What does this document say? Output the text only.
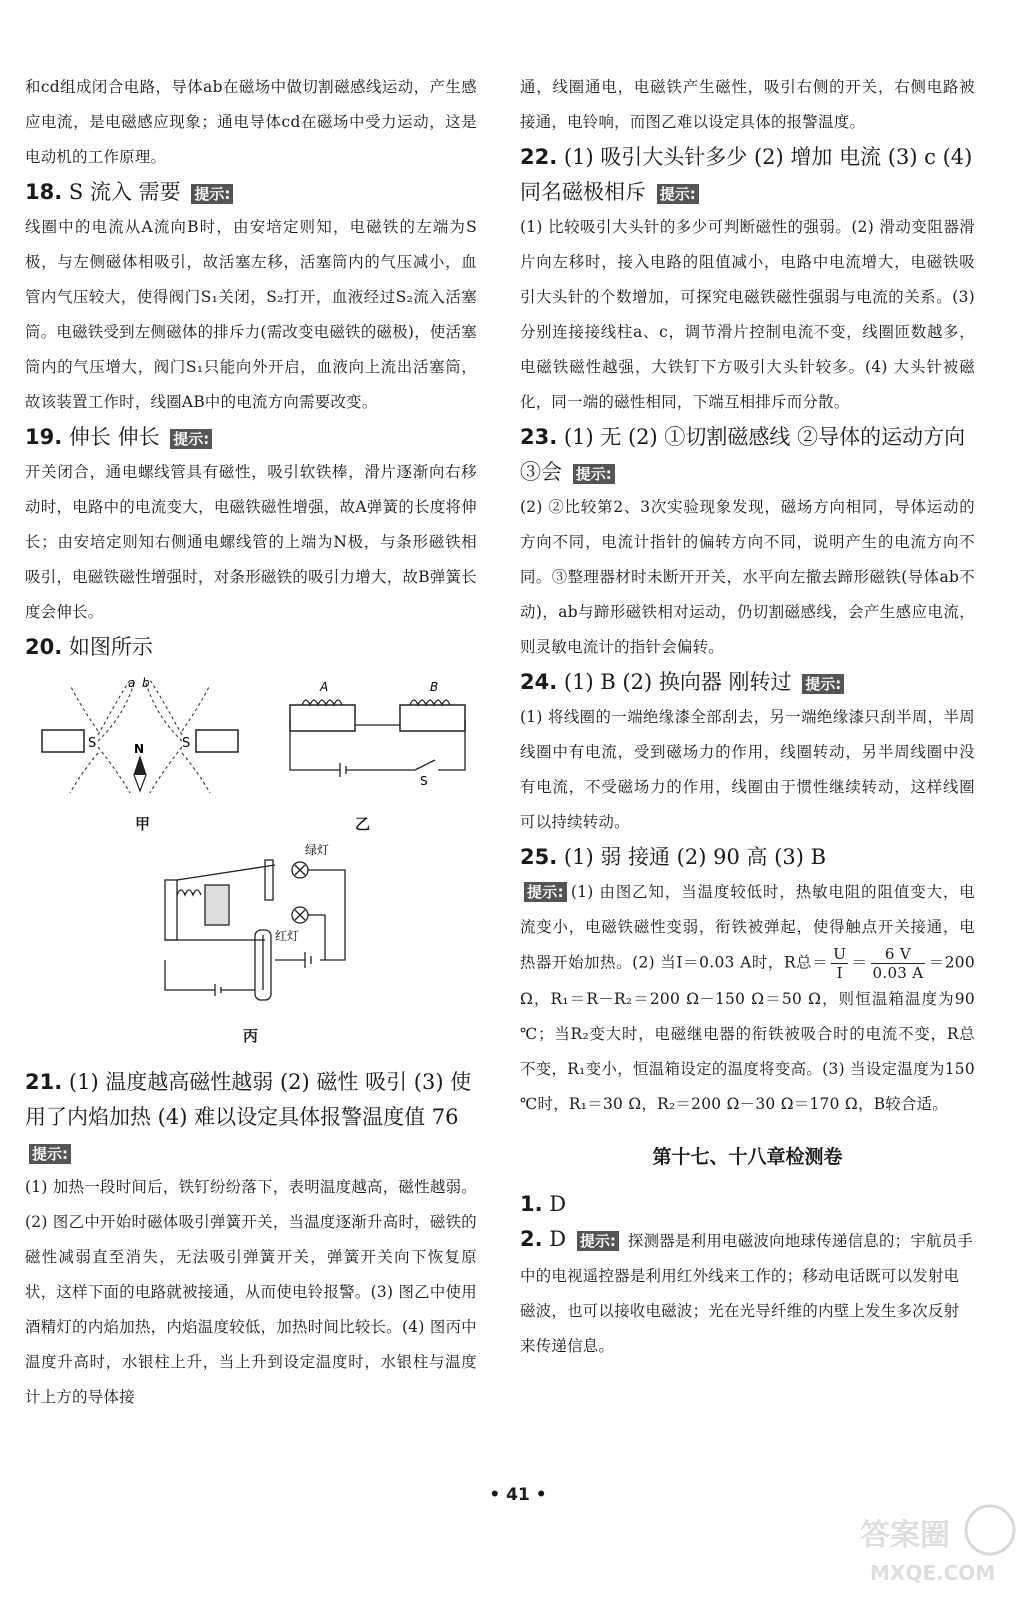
和cd组成闭合电路，导体ab在磁场中做切割磁感线运动，产生感应电流，是电磁感应现象；通电导体cd在磁场中受力运动，这是电动机的工作原理。

18. S 流入 需要 提示:

线圈中的电流从A流向B时，由安培定则知，电磁铁的左端为S极，与左侧磁体相吸引，故活塞左移，活塞筒内的气压减小，血管内气压较大，使得阀门S₁关闭，S₂打开，血液经过S₂流入活塞筒。电磁铁受到左侧磁体的排斥力(需改变电磁铁的磁极)，使活塞筒内的气压增大，阀门S₁只能向外开启，血液向上流出活塞筒，故该装置工作时，线圈AB中的电流方向需要改变。

19. 伸长 伸长 提示:

开关闭合，通电螺线管具有磁性，吸引软铁棒，滑片逐渐向右移动时，电路中的电流变大，电磁铁磁性增强，故A弹簧的长度将伸长；由安培定则知右侧通电螺线管的上端为N极，与条形磁铁相吸引，电磁铁磁性增强时，对条形磁铁的吸引力增大，故B弹簧长度会伸长。

20. 如图所示

S	S
a b
N
甲
A	B
S
乙
绿灯
红灯
丙

21. (1) 温度越高磁性越弱 (2) 磁性 吸引 (3) 使用了内焰加热 (4) 难以设定具体报警温度值 76 提示:

(1) 加热一段时间后，铁钉纷纷落下，表明温度越高，磁性越弱。(2) 图乙中开始时磁体吸引弹簧开关，当温度逐渐升高时，磁铁的磁性减弱直至消失，无法吸引弹簧开关，弹簧开关向下恢复原状，这样下面的电路就被接通，从而使电铃报警。(3) 图乙中使用酒精灯的内焰加热，内焰温度较低，加热时间比较长。(4) 图丙中温度升高时，水银柱上升，当上升到设定温度时，水银柱与温度计上方的导体接

通，线圈通电，电磁铁产生磁性，吸引右侧的开关，右侧电路被接通，电铃响，而图乙难以设定具体的报警温度。

22. (1) 吸引大头针多少 (2) 增加 电流 (3) c (4) 同名磁极相斥 提示:

(1) 比较吸引大头针的多少可判断磁性的强弱。(2) 滑动变阻器滑片向左移时，接入电路的阻值减小，电路中电流增大，电磁铁吸引大头针的个数增加，可探究电磁铁磁性强弱与电流的关系。(3) 分别连接接线柱a、c，调节滑片控制电流不变，线圈匝数越多，电磁铁磁性越强，大铁钉下方吸引大头针较多。(4) 大头针被磁化，同一端的磁性相同，下端互相排斥而分散。

23. (1) 无 (2) ①切割磁感线 ②导体的运动方向 ③会 提示:

(2) ②比较第2、3次实验现象发现，磁场方向相同，导体运动的方向不同，电流计指针的偏转方向不同，说明产生的电流方向不同。③整理器材时未断开开关，水平向左撤去蹄形磁铁(导体ab不动)，ab与蹄形磁铁相对运动，仍切割磁感线，会产生感应电流，则灵敏电流计的指针会偏转。

24. (1) B (2) 换向器 刚转过 提示:

(1) 将线圈的一端绝缘漆全部刮去，另一端绝缘漆只刮半周，半周线圈中有电流，受到磁场力的作用，线圈转动，另半周线圈中没有电流，不受磁场力的作用，线圈由于惯性继续转动，这样线圈可以持续转动。

25. (1) 弱 接通 (2) 90 高 (3) B

提示: (1) 由图乙知，当温度较低时，热敏电阻的阻值变大，电流变小，电磁铁磁性变弱，衔铁被弹起，使得触点开关接通，电热器开始加热。(2) 当I＝0.03 A时，R总＝ $\frac{U}{I} = \frac{6 V}{0.03 A} =200$ Ω，R₁＝R－R₂＝200 Ω－150 Ω＝50 Ω，则恒温箱温度为90 ℃；当R₂变大时，电磁继电器的衔铁被吸合时的电流不变，R总不变，R₁变小，恒温箱设定的温度将变高。(3) 当设定温度为150 ℃时，R₁＝30 Ω，R₂＝200 Ω－30 Ω＝170 Ω，B较合适。

第十七、十八章检测卷

1. D

2. D 提示: 探测器是利用电磁波向地球传递信息的；宇航员手中的电视遥控器是利用红外线来工作的；移动电话既可以发射电磁波，也可以接收电磁波；光在光导纤维的内壁上发生多次反射来传递信息。
• 41 •
答案圈
MXQE.COM
